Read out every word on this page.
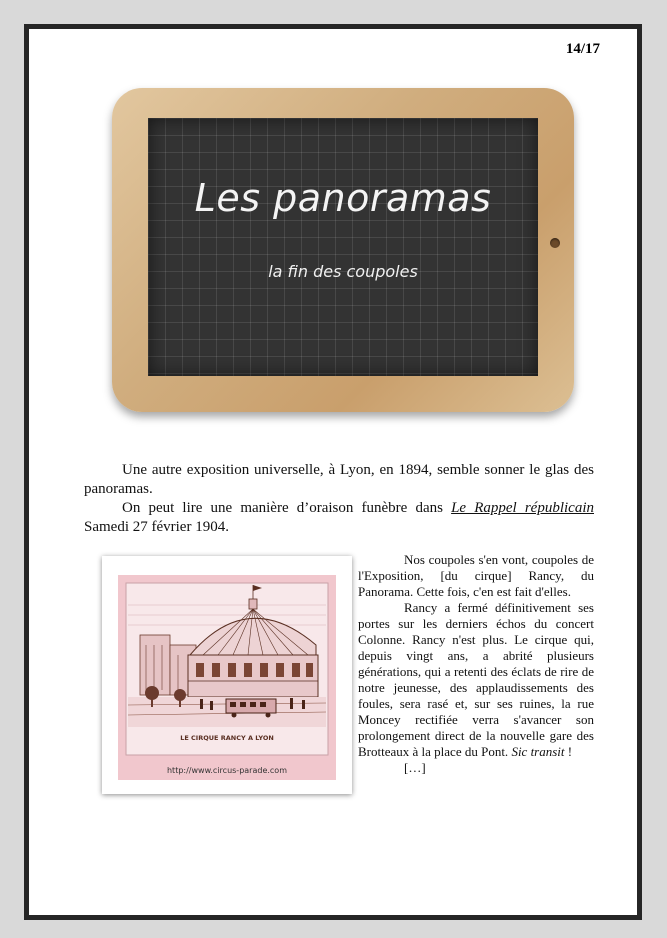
14/17
Les panoramas
la fin des coupoles

Une autre exposition universelle, à Lyon, en 1894, semble sonner le glas des panoramas.

On peut lire une manière d’oraison funèbre dans Le Rappel républicain Samedi 27 février 1904.

LE CIRQUE RANCY A LYON
http://www.circus-parade.com

Nos coupoles s'en vont, coupoles de l'Exposition, [du cirque] Rancy, du Panorama. Cette fois, c'en est fait d'elles.

Rancy a fermé définitivement ses portes sur les derniers échos du concert Colonne. Rancy n'est plus. Le cirque qui, depuis vingt ans, a abrité plusieurs générations, qui a retenti des éclats de rire de notre jeunesse, des applaudissements des foules, sera rasé et, sur ses ruines, la rue Moncey rectifiée verra s'avancer son prolongement direct de la nouvelle gare des Brotteaux à la place du Pont. Sic transit !

[…]
